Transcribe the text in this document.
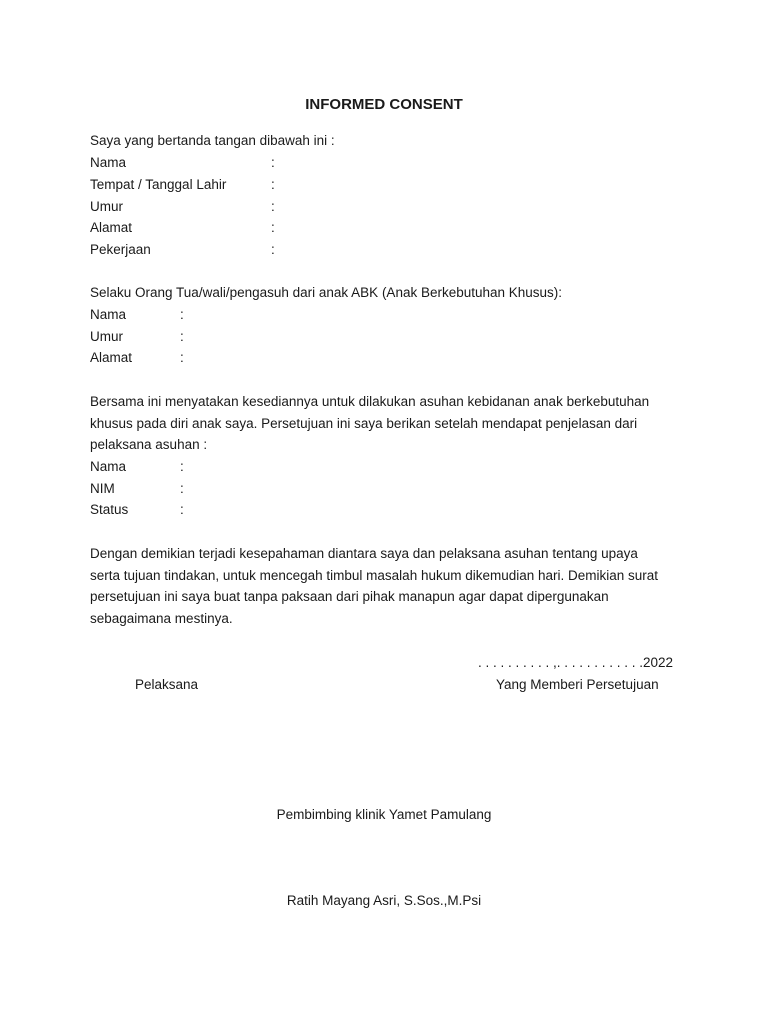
INFORMED CONSENT
Saya yang bertanda tangan dibawah ini :
Nama	:
Tempat / Tanggal Lahir	:
Umur	:
Alamat	:
Pekerjaan	:
Selaku Orang Tua/wali/pengasuh dari anak ABK (Anak Berkebutuhan Khusus):
Nama	:
Umur	:
Alamat	:
Bersama ini menyatakan kesediannya untuk dilakukan asuhan kebidanan anak berkebutuhan
khusus pada diri anak saya. Persetujuan ini saya berikan setelah mendapat penjelasan dari
pelaksana asuhan :
Nama	:
NIM	:
Status	:
Dengan demikian terjadi kesepahaman diantara saya dan pelaksana asuhan tentang upaya
serta tujuan tindakan, untuk mencegah timbul masalah hukum dikemudian hari. Demikian surat
persetujuan ini saya buat tanpa paksaan dari pihak manapun agar dapat dipergunakan
sebagaimana mestinya.
. . . . . . . . . . ,. . . . . . . . . . . .2022
Pelaksana	Yang Memberi Persetujuan
Pembimbing klinik Yamet Pamulang
Ratih Mayang Asri, S.Sos.,M.Psi
